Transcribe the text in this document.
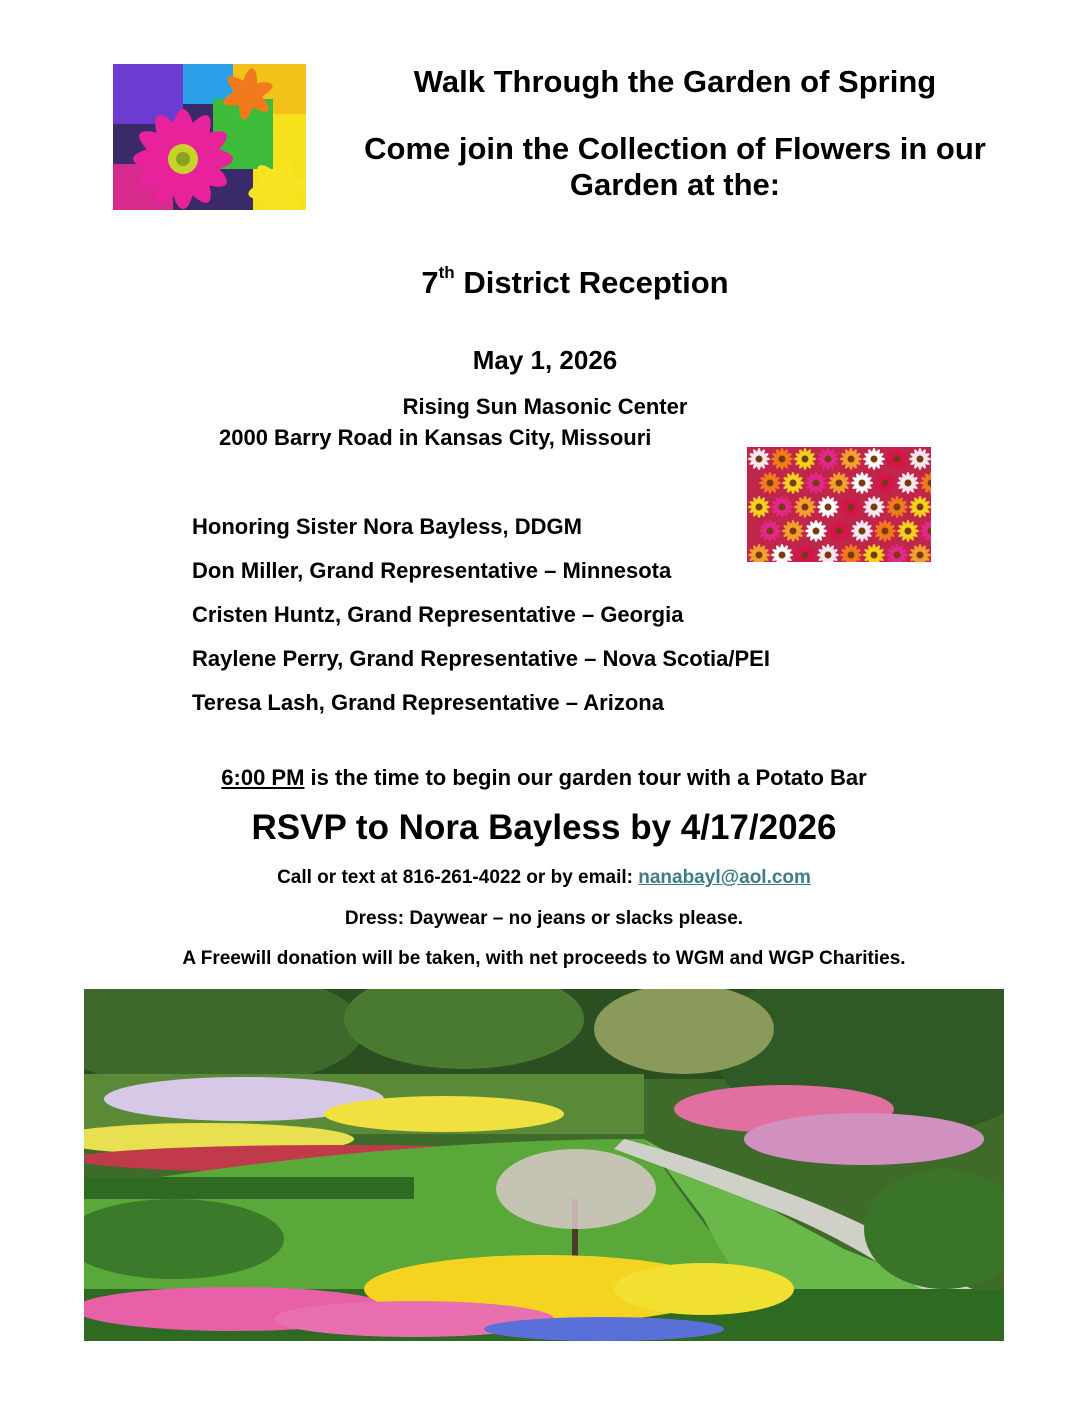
Walk Through the Garden of Spring
Come join the Collection of Flowers in our Garden at the:
7th District Reception
May 1, 2026
Rising Sun Masonic Center
2000 Barry Road in Kansas City, Missouri
Honoring Sister Nora Bayless, DDGM
Don Miller, Grand Representative – Minnesota
Cristen Huntz, Grand Representative – Georgia
Raylene Perry, Grand Representative – Nova Scotia/PEI
Teresa Lash, Grand Representative – Arizona
6:00 PM is the time to begin our garden tour with a Potato Bar
RSVP to Nora Bayless by 4/17/2026
Call or text at 816-261-4022 or by email: nanabayl@aol.com
Dress: Daywear – no jeans or slacks please.
A Freewill donation will be taken, with net proceeds to WGM and WGP Charities.
